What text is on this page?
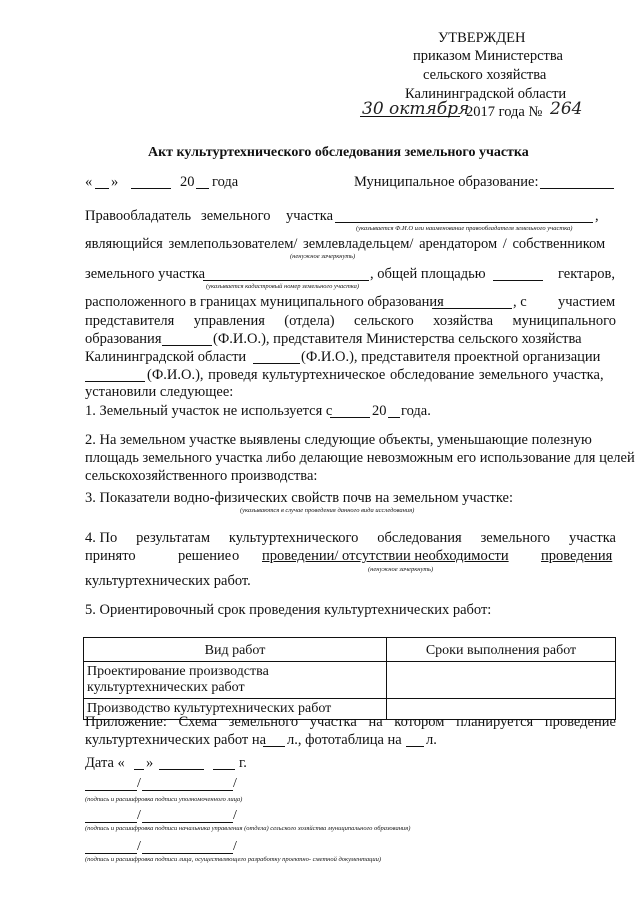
УТВЕРЖДЕН
приказом Министерства
сельского хозяйства
Калининградской области
30 октября
2017 года № 264
Акт культуртехнического обследования земельного участка
« »	20 года	Муниципальное образование:
Правообладатель земельного участка	,
(указывается Ф.И.О или наименование правообладателя земельного участка)
являющийся землепользователем/ землевладельцем/ арендатором / собственником
(ненужное зачеркнуть)
земельного участка	, общей площадью	гектаров,
(указывается кадастровый номер земельного участка)
расположенного в границах муниципального образования	, с участием
представителя управления (отдела) сельского хозяйства муниципального
образования	(Ф.И.О.), представителя Министерства сельского хозяйства
Калининградской области	(Ф.И.О.), представителя проектной организации
(Ф.И.О.), проведя культуртехническое обследование земельного участка,
установили следующее:
1. Земельный участок не используется с	20 года.
2. На земельном участке выявлены следующие объекты, уменьшающие полезную
площадь земельного участка либо делающие невозможным его использование для целей
сельскохозяйственного производства:
3. Показатели водно-физических свойств почв на земельном участке:
(указываются в случае проведения данного вида исследования)
4. По результатам культуртехнического обследования земельного участка
принято	решение о проведении/ отсутствии необходимости проведения
(ненужное зачеркнуть)
культуртехнических работ.
5. Ориентировочный срок проведения культуртехнических работ:
Вид работ	Сроки выполнения работ

Проектирование производства
культуртехнических работ	

Производство культуртехнических работ	

Приложение: Схема земельного участка на котором планируется проведение
культуртехнических работ на л., фототаблица на л.
Дата « »	г.
/	/
(подпись и расшифровка подписи уполномоченного лица)
/	/
(подпись и расшифровка подписи начальника управления (отдела) сельского хозяйства муниципального образования)
/	/
(подпись и расшифровка подписи лица, осуществляющего разработку проектно- сметной документации)
